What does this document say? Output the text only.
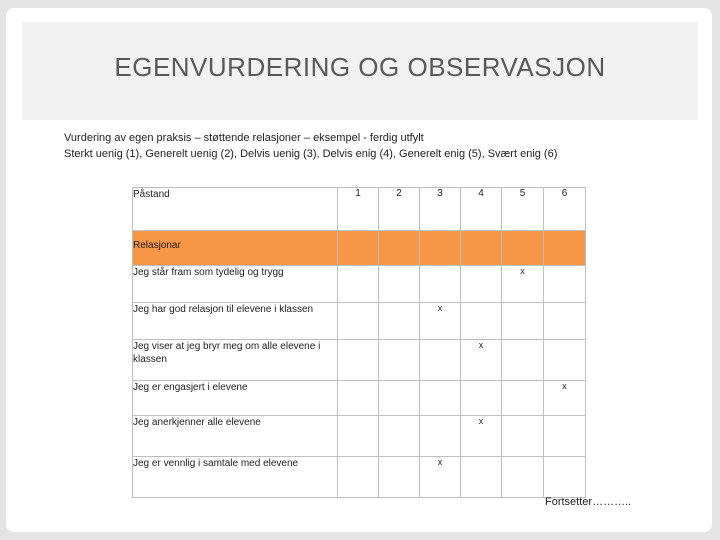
EGENVURDERING OG OBSERVASJON
Vurdering av egen praksis – støttende relasjoner – eksempel - ferdig utfylt
Sterkt uenig (1), Generelt uenig (2), Delvis uenig (3), Delvis enig (4), Generelt enig (5), Svært enig (6)
Påstand	1	2	3	4	5	6
Relasjonar						
Jeg står fram som tydelig og trygg					x	
Jeg har god relasjon til elevene i klassen			x			
Jeg viser at jeg bryr meg om alle elevene i klassen				x		
Jeg er engasjert i elevene						x
Jeg anerkjenner alle elevene				x		
Jeg er vennlig i samtale med elevene			x			
Fortsetter………..
